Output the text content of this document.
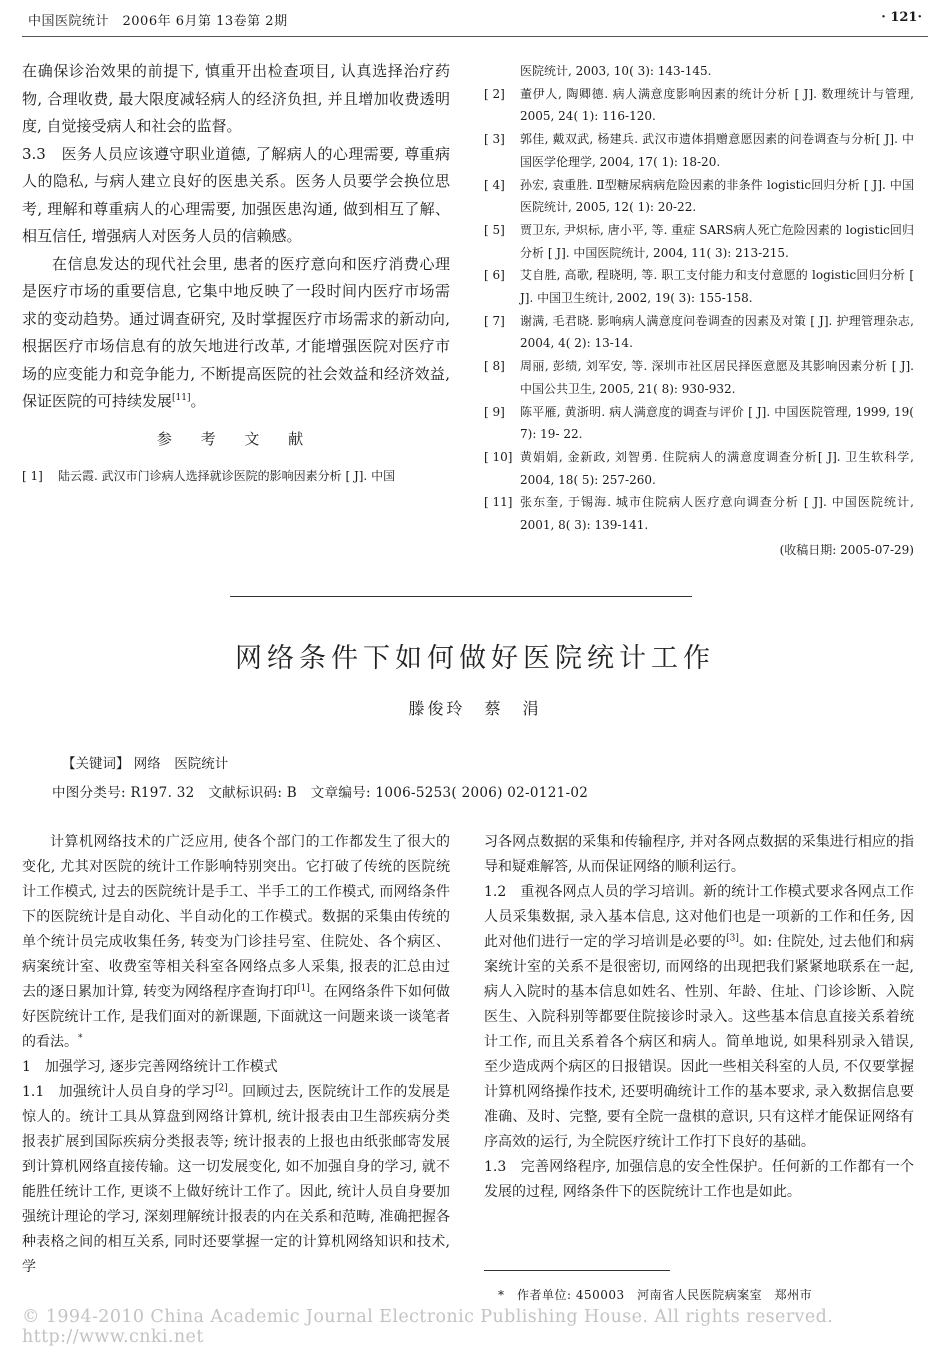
中国医院统计　2006年 6月第 13卷第 2期	· 121·

在确保诊治效果的前提下, 慎重开出检查项目, 认真选择治疗药物, 合理收费, 最大限度减轻病人的经济负担, 并且增加收费透明度, 自觉接受病人和社会的监督。

3.3　医务人员应该遵守职业道德, 了解病人的心理需要, 尊重病人的隐私, 与病人建立良好的医患关系。医务人员要学会换位思考, 理解和尊重病人的心理需要, 加强医患沟通, 做到相互了解、相互信任, 增强病人对医务人员的信赖感。

在信息发达的现代社会里, 患者的医疗意向和医疗消费心理是医疗市场的重要信息, 它集中地反映了一段时间内医疗市场需求的变动趋势。通过调查研究, 及时掌握医疗市场需求的新动向, 根据医疗市场信息有的放矢地进行改革, 才能增强医院对医疗市场的应变能力和竞争能力, 不断提高医院的社会效益和经济效益, 保证医院的可持续发展[11]。

参 考 文 献

[ 1]	陆云霞. 武汉市门诊病人选择就诊医院的影响因素分析 [ J]. 中国
医院统计, 2003, 10( 3): 143-145.
[ 2]	董伊人, 陶卿德. 病人满意度影响因素的统计分析 [ J]. 数理统计与管理, 2005, 24( 1): 116-120.
[ 3]	郭佳, 戴双武, 杨建兵. 武汉市遗体捐赠意愿因素的问卷调查与分析[ J]. 中国医学伦理学, 2004, 17( 1): 18-20.
[ 4]	孙宏, 袁重胜. Ⅱ型糖尿病病危险因素的非条件 logistic回归分析 [ J]. 中国医院统计, 2005, 12( 1): 20-22.
[ 5]	贾卫东, 尹炽标, 唐小平, 等. 重症 SARS病人死亡危险因素的 logistic回归分析 [ J]. 中国医院统计, 2004, 11( 3): 213-215.
[ 6]	艾自胜, 高歌, 程晓明, 等. 职工支付能力和支付意愿的 logistic回归分析 [ J]. 中国卫生统计, 2002, 19( 3): 155-158.
[ 7]	谢满, 毛君晓. 影响病人满意度问卷调查的因素及对策 [ J]. 护理管理杂志, 2004, 4( 2): 13-14.
[ 8]	周丽, 彭绩, 刘军安, 等. 深圳市社区居民择医意愿及其影响因素分析 [ J]. 中国公共卫生, 2005, 21( 8): 930-932.
[ 9]	陈平雁, 黄浙明. 病人满意度的调查与评价 [ J]. 中国医院管理, 1999, 19( 7): 19- 22.
[ 10] 黄娟娟, 金新政, 刘智勇. 住院病人的满意度调查分析[ J]. 卫生软科学, 2004, 18( 5): 257-260.
[ 11] 张东奎, 于锡海. 城市住院病人医疗意向调查分析 [ J]. 中国医院统计, 2001, 8( 3): 139-141.
(收稿日期: 2005-07-29)
网络条件下如何做好医院统计工作
滕俊玲　蔡　涓
【关键词】 网络　医院统计
中图分类号: R197. 32　文献标识码: B　文章编号: 1006-5253( 2006) 02-0121-02

计算机网络技术的广泛应用, 使各个部门的工作都发生了很大的变化, 尤其对医院的统计工作影响特别突出。它打破了传统的医院统计工作模式, 过去的医院统计是手工、半手工的工作模式, 而网络条件下的医院统计是自动化、半自动化的工作模式。数据的采集由传统的单个统计员完成收集任务, 转变为门诊挂号室、住院处、各个病区、病案统计室、收费室等相关科室各网络点多人采集, 报表的汇总由过去的逐日累加计算, 转变为网络程序查询打印[1]。在网络条件下如何做好医院统计工作, 是我们面对的新课题, 下面就这一问题来谈一谈笔者的看法。*

1　加强学习, 逐步完善网络统计工作模式

1.1　加强统计人员自身的学习[2]。回顾过去, 医院统计工作的发展是惊人的。统计工具从算盘到网络计算机, 统计报表由卫生部疾病分类报表扩展到国际疾病分类报表等; 统计报表的上报也由纸张邮寄发展到计算机网络直接传输。这一切发展变化, 如不加强自身的学习, 就不能胜任统计工作, 更谈不上做好统计工作了。因此, 统计人员自身要加强统计理论的学习, 深刻理解统计报表的内在关系和范畴, 准确把握各种表格之间的相互关系, 同时还要掌握一定的计算机网络知识和技术, 学

习各网点数据的采集和传输程序, 并对各网点数据的采集进行相应的指导和疑难解答, 从而保证网络的顺利运行。

1.2　重视各网点人员的学习培训。新的统计工作模式要求各网点工作人员采集数据, 录入基本信息, 这对他们也是一项新的工作和任务, 因此对他们进行一定的学习培训是必要的[3]。如: 住院处, 过去他们和病案统计室的关系不是很密切, 而网络的出现把我们紧紧地联系在一起, 病人入院时的基本信息如姓名、性别、年龄、住址、门诊诊断、入院医生、入院科别等都要住院接诊时录入。这些基本信息直接关系着统计工作, 而且关系着各个病区和病人。简单地说, 如果科别录入错误, 至少造成两个病区的日报错误。因此一些相关科室的人员, 不仅要掌握计算机网络操作技术, 还要明确统计工作的基本要求, 录入数据信息要准确、及时、完整, 要有全院一盘棋的意识, 只有这样才能保证网络有序高效的运行, 为全院医疗统计工作打下良好的基础。

1.3　完善网络程序, 加强信息的安全性保护。任何新的工作都有一个发展的过程, 网络条件下的医院统计工作也是如此。

*　作者单位: 450003　河南省人民医院病案室　郑州市
© 1994-2010 China Academic Journal Electronic Publishing House. All rights reserved. http://www.cnki.net
